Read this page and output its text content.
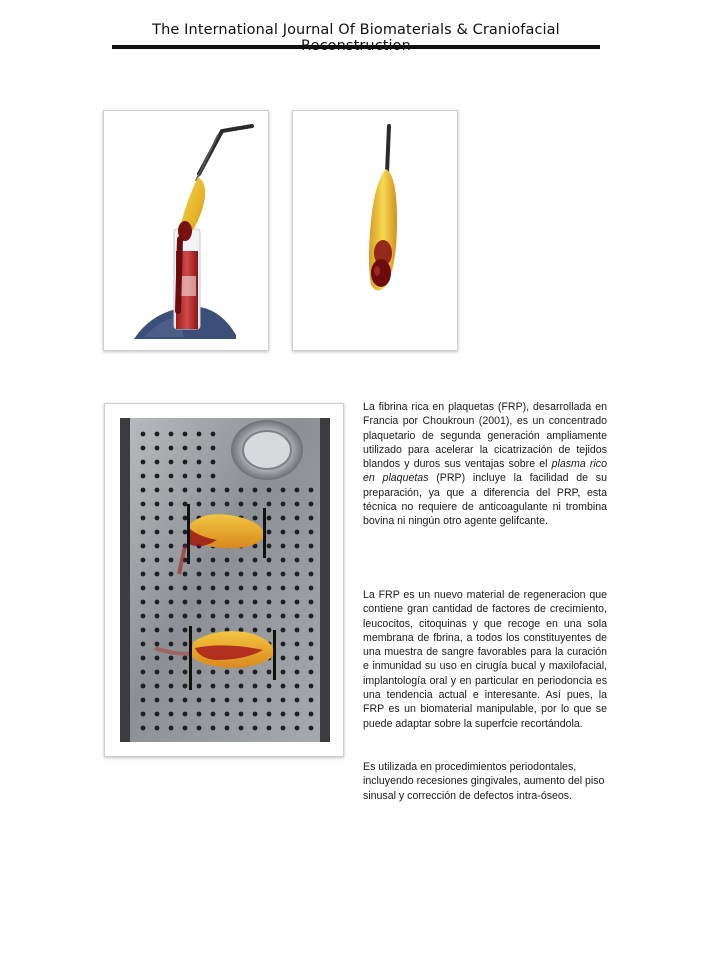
The International Journal Of Biomaterials & Craniofacial

La fibrina rica en plaquetas (FRP), desarrollada en Francia por Choukroun (2001), es un concentrado plaquetario de segunda generación ampliamente utilizado para acelerar la cicatrización de tejidos blandos y duros sus ventajas sobre el plasma rico en plaquetas (PRP) incluye la facilidad de su preparación, ya que a diferencia del PRP, esta técnica no requiere de anticoagulante ni trombina bovina ni ningún otro agente gelifcante.

La FRP es un nuevo material de regeneracion que contiene gran cantidad de factores de crecimiento, leucocitos, citoquinas y que recoge en una sola membrana de fbrina, a todos los constituyentes de una muestra de sangre favorables para la curación e inmunidad su uso en cirugía bucal y maxilofacial, implantología oral y en particular en periodoncia es una tendencia actual e interesante. Así pues, la FRP es un biomaterial manipulable, por lo que se puede adaptar sobre la superfcie recortándola.

Es utilizada en procedimientos periodontales, incluyendo recesiones gingivales, aumento del piso sinusal y corrección de defectos intra-óseos.
